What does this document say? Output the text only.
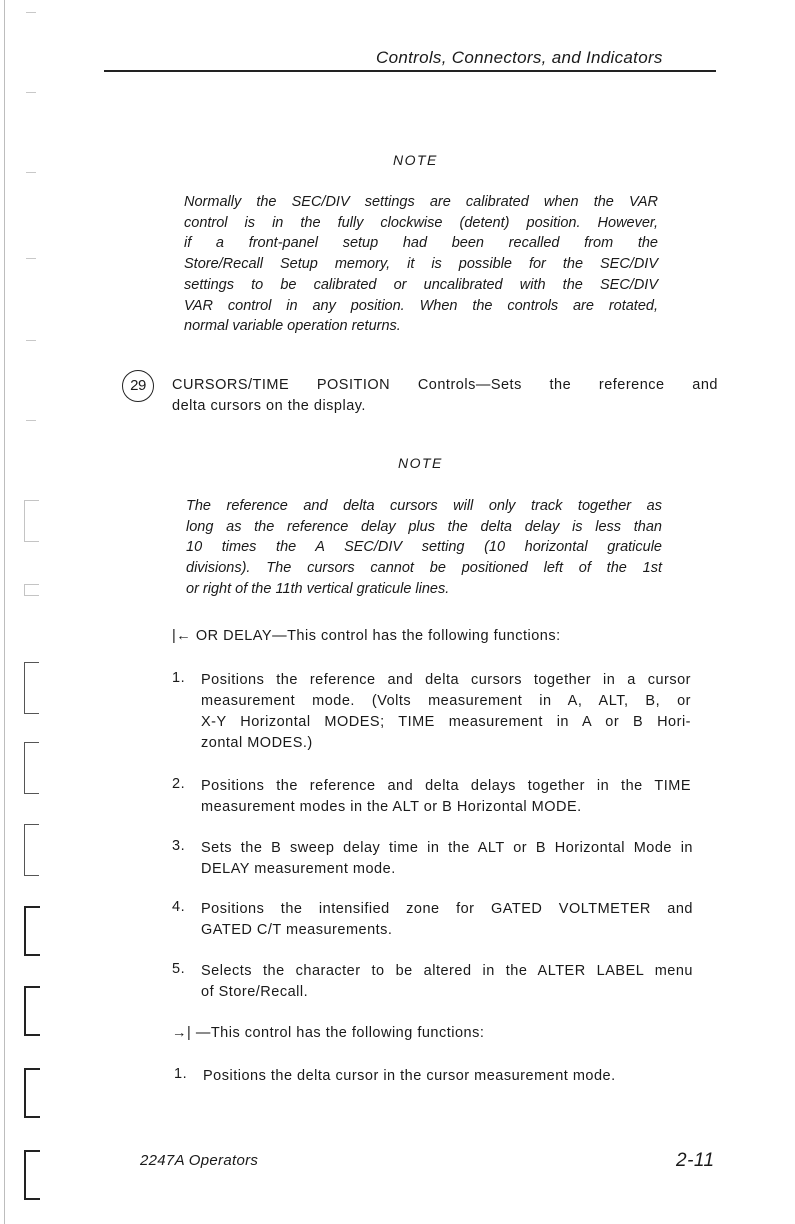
Controls, Connectors, and Indicators
NOTE
Normally the SEC/DIV settings are calibrated when the VAR
control is in the fully clockwise (detent) position. However,
if a front-panel setup had been recalled from the
Store/Recall Setup memory, it is possible for the SEC/DIV
settings to be calibrated or uncalibrated with the SEC/DIV
VAR control in any position. When the controls are rotated,
normal variable operation returns.
29	CURSORS/TIME POSITION Controls—Sets the reference and
delta cursors on the display.
NOTE
The reference and delta cursors will only track together as
long as the reference delay plus the delta delay is less than
10 times the A SEC/DIV setting (10 horizontal graticule
divisions). The cursors cannot be positioned left of the 1st
or right of the 11th vertical graticule lines.
|← OR DELAY—This control has the following functions:
1. Positions the reference and delta cursors together in a cursor
measurement mode. (Volts measurement in A, ALT, B, or
X-Y Horizontal MODES; TIME measurement in A or B Hori-
zontal MODES.)
2. Positions the reference and delta delays together in the TIME
measurement modes in the ALT or B Horizontal MODE.
3. Sets the B sweep delay time in the ALT or B Horizontal Mode in
DELAY measurement mode.
4. Positions the intensified zone for GATED VOLTMETER and
GATED C/T measurements.
5. Selects the character to be altered in the ALTER LABEL menu
of Store/Recall.
→| —This control has the following functions:
1. Positions the delta cursor in the cursor measurement mode.
2247A Operators	2-11
